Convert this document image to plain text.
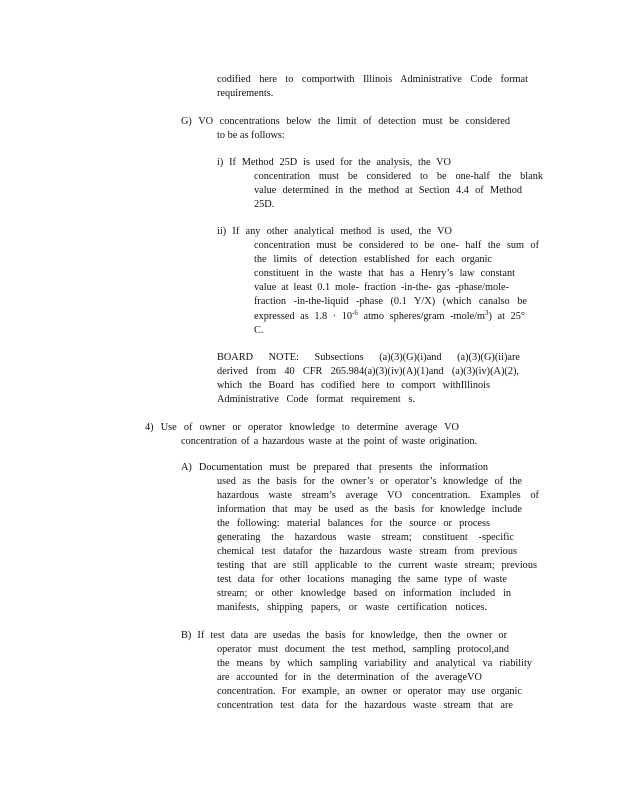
codified here to comportwith Illinois Administrative Code format

requirements.

G) VO concentrations below the limit of detection must be considered

to be as follows:

i) If Method 25D is used for the analysis, the VO

concentration must be considered to be one-half the blank

value determined in the method at Section 4.4 of Method

25D.

ii) If any other analytical method is used, the VO

concentration must be considered to be one- half the sum of

the limits of detection established for each organic

constituent in the waste that has a Henry’s law constant

value at least 0.1 mole- fraction -in-the- gas -phase/mole-

fraction -in-the-liquid -phase (0.1 Y/X) (which canalso be

expressed as $1.8 \cdot 10^{-6}$ atmo spheres/gram $-mole/m^3$) at 25°

C.

BOARD NOTE: Subsections (a)(3)(G)(i)and (a)(3)(G)(ii)are

derived from 40 CFR 265.984(a)(3)(iv)(A)(1)and (a)(3)(iv)(A)(2),

which the Board has codified here to comport withIllinois

Administrative Code format requirement s.

4) Use of owner or operator knowledge to determine average VO

concentration of a hazardous waste at the point of waste origination.

A) Documentation must be prepared that presents the information

used as the basis for the owner’s or operator’s knowledge of the

hazardous waste stream’s average VO concentration. Examples of

information that may be used as the basis for knowledge include

the following: material balances for the source or process

generating the hazardous waste stream; constituent -specific

chemical test datafor the hazardous waste stream from previous

testing that are still applicable to the current waste stream; previous

test data for other locations managing the same type of waste

stream; or other knowledge based on information included in

manifests, shipping papers, or waste certification notices.

B) If test data are usedas the basis for knowledge, then the owner or

operator must document the test method, sampling protocol,and

the means by which sampling variability and analytical va riability

are accounted for in the determination of the averageVO

concentration. For example, an owner or operator may use organic

concentration test data for the hazardous waste stream that are
